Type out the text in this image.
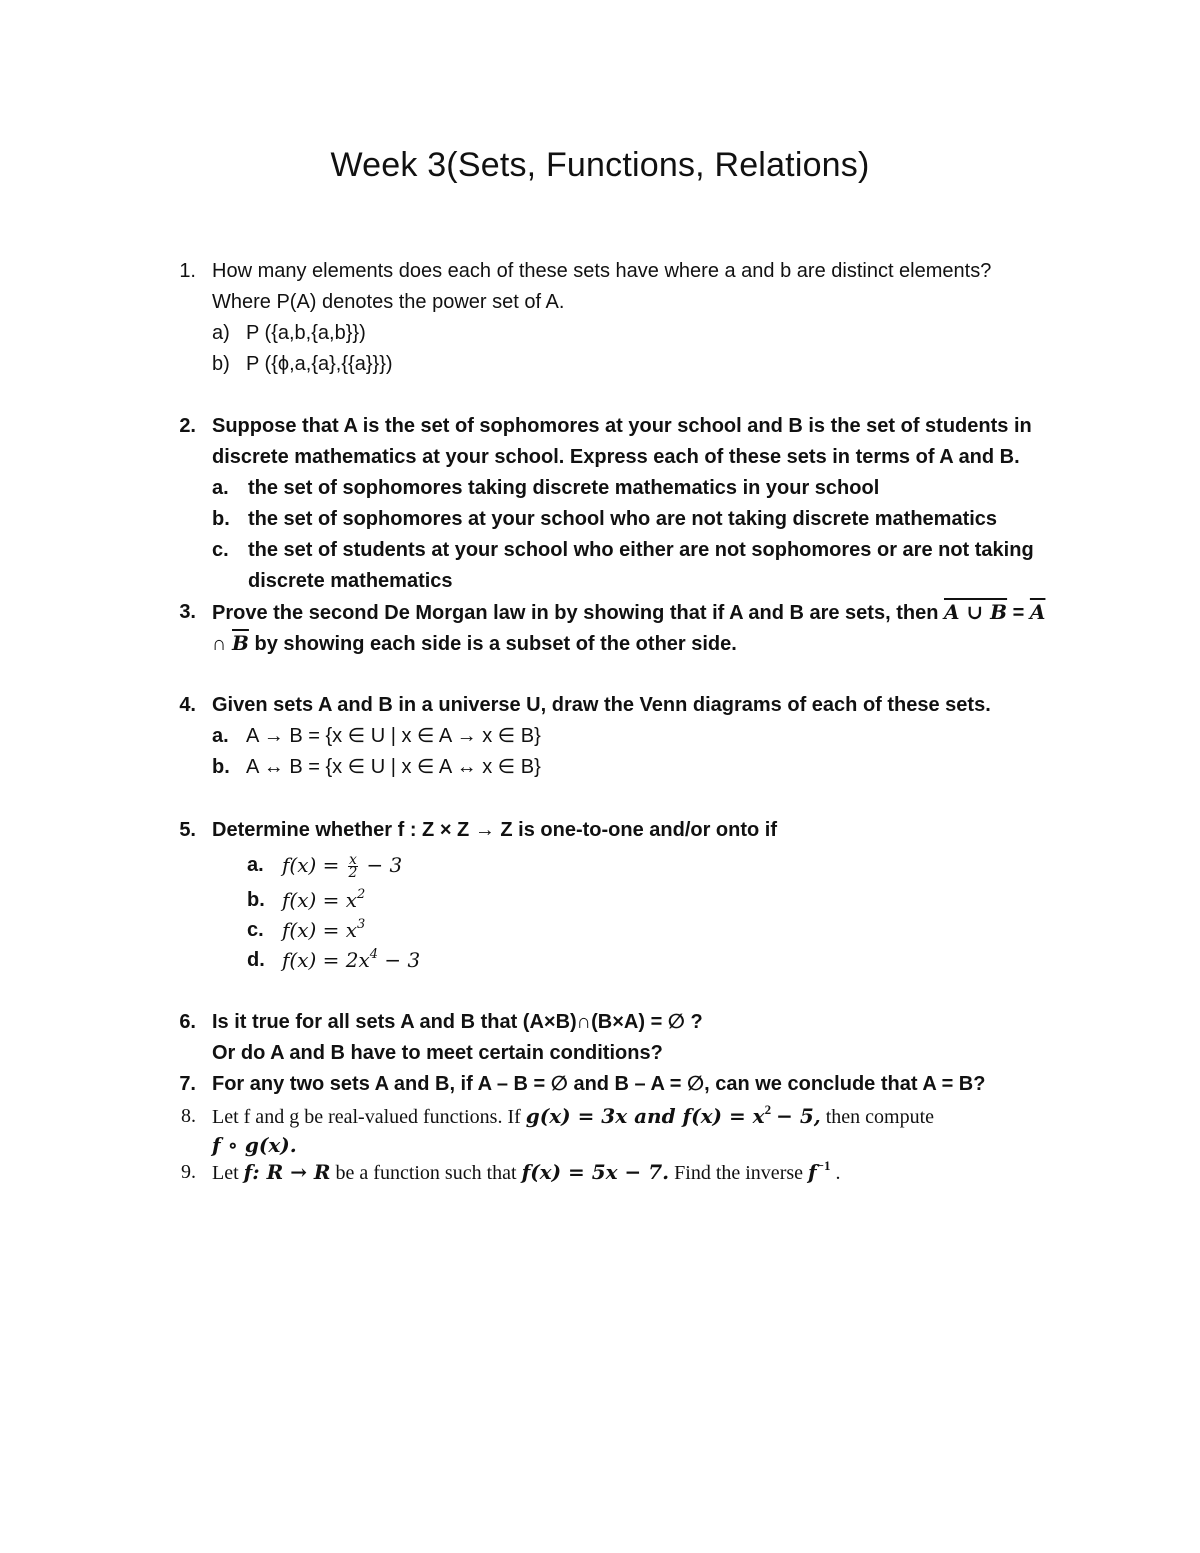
Week 3(Sets, Functions, Relations)
1. How many elements does each of these sets have where a and b are distinct elements?
Where P(A) denotes the power set of A.
a) P ({a,b,{a,b}})
b) P ({ϕ,a,{a},{{a}}})
2. Suppose that A is the set of sophomores at your school and B is the set of students in
discrete mathematics at your school. Express each of these sets in terms of A and B.
a. the set of sophomores taking discrete mathematics in your school
b. the set of sophomores at your school who are not taking discrete mathematics
c. the set of students at your school who either are not sophomores or are not taking
discrete mathematics
3. Prove the second De Morgan law in by showing that if A and B are sets, then A ∪ $B = \overline{A}$
∩ $\overline{B}$ by showing each side is a subset of the other side.
4. Given sets A and B in a universe U, draw the Venn diagrams of each of these sets.
a. A → B = {x ∈ U | x ∈ A → x ∈ B}
b. A ↔ B = {x ∈ U | x ∈ A ↔ x ∈ B}
5. Determine whether f : Z × Z → Z is one-to-one and/or onto if
a. $f(x) = \frac{x}{2} - 3$
b. $f(x) = x^2$
c. $f(x) = x^3$
d. $f(x) = 2x^4 - 3$
6. Is it true for all sets A and B that (A×B)∩(B×A) = ∅ ?
Or do A and B have to meet certain conditions?
7. For any two sets A and B, if A – B = ∅ and B – A = ∅, can we conclude that A = B?
8. Let f and g be real-valued functions. If g(x) = 3x and $f(x) = x^2 - 5$, then compute
f ∘ g(x).
9. Let f: R → R be a function such that f(x) = 5x − 7. Find the inverse $f^{-1}$ .
